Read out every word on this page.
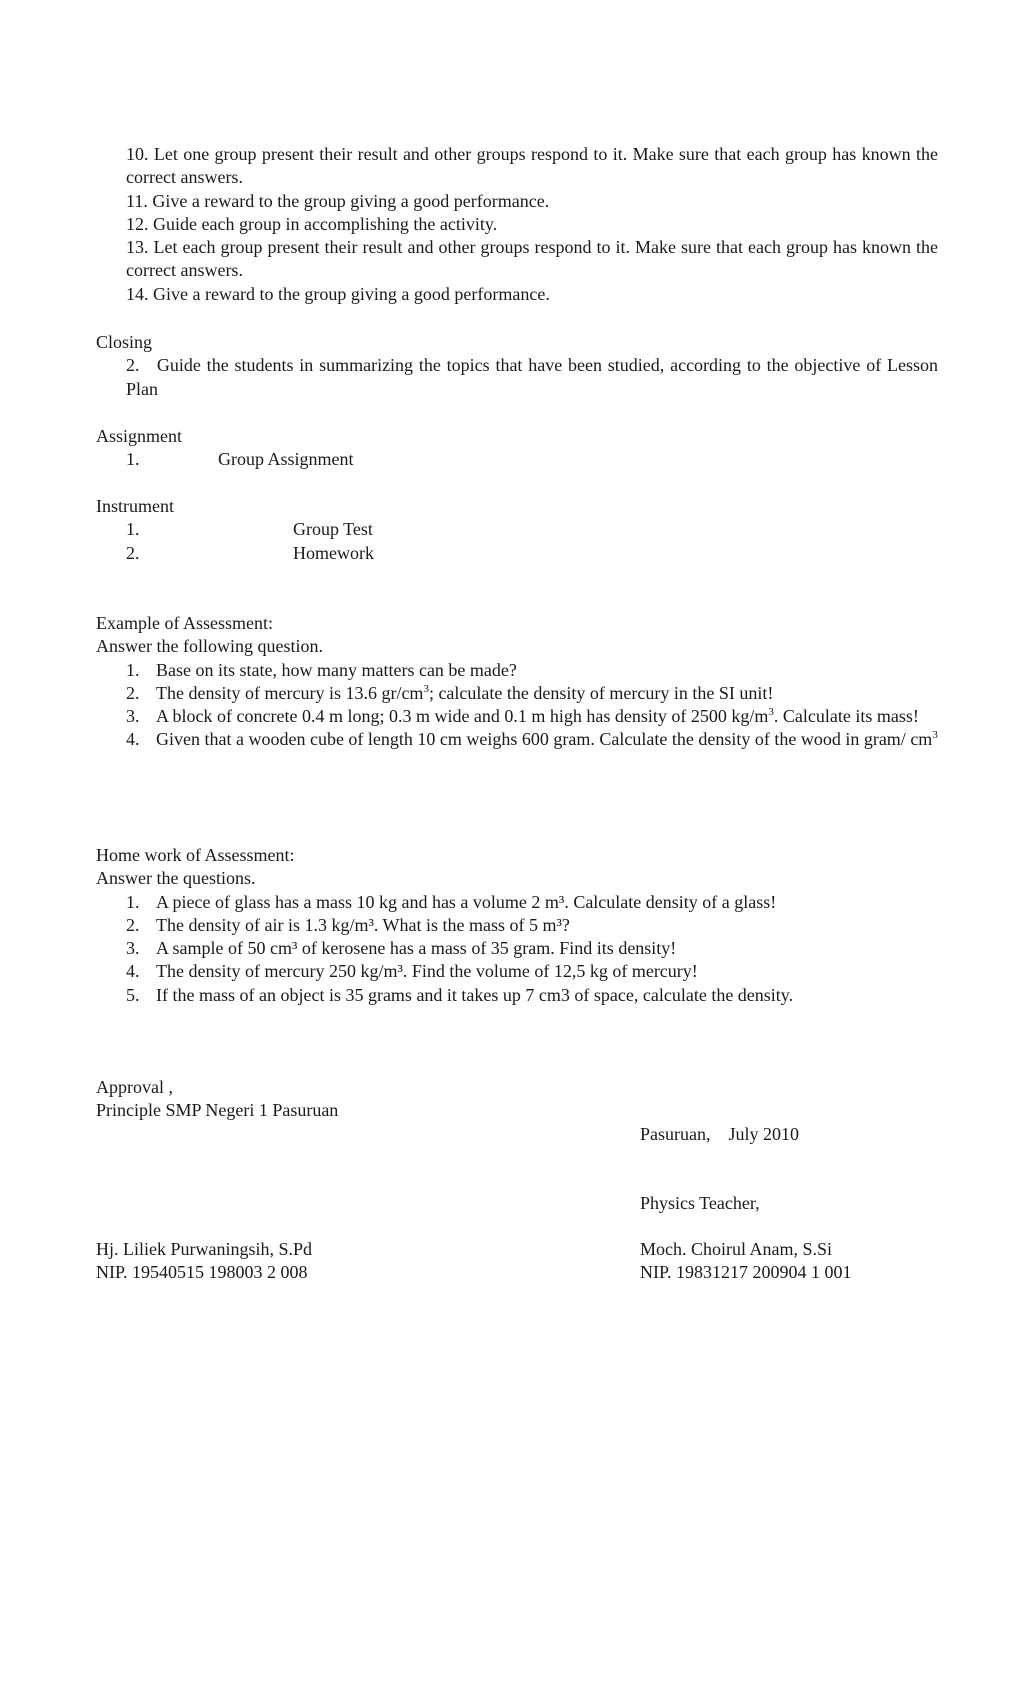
10. Let one group present their result and other groups respond to it. Make sure that each group has known the correct answers.
11. Give a reward to the group giving a good performance.
12. Guide each group in accomplishing the activity.
13. Let each group present their result and other groups respond to it. Make sure that each group has known the correct answers.
14. Give a reward to the group giving a good performance.
Closing
2.   Guide the students in summarizing the topics that have been studied, according to the objective of Lesson Plan
Assignment
1.	Group Assignment
Instrument
1.	Group Test
2.	Homework
Example of Assessment:
Answer the following question.
1. Base on its state, how many matters can be made?
2. The density of mercury is 13.6 $gr/cm^3$; calculate the density of mercury in the SI unit!
3. A block of concrete 0.4 m long; 0.3 m wide and 0.1 m high has density of 2500 $kg/m^3$. Calculate its mass!
4. Given that a wooden cube of length 10 cm weighs 600 gram. Calculate the density of the wood in gram/ $cm^3$
Home work of Assessment:
Answer the questions.
1. A piece of glass has a mass 10 kg and has a volume 2 m³. Calculate density of a glass!
2. The density of air is 1.3 kg/m³. What is the mass of 5 m³?
3. A sample of 50 cm³ of kerosene has a mass of 35 gram. Find its density!
4. The density of mercury 250 kg/m³. Find the volume of 12,5 kg of mercury!
5. If the mass of an object is 35 grams and it takes up 7 cm3 of space, calculate the density.
Approval ,
Principle SMP Negeri 1 Pasuruan

Pasuruan,    July 2010

Physics Teacher,

Hj. Liliek Purwaningsih, S.Pd
NIP. 19540515 198003 2 008
Moch. Choirul Anam, S.Si
NIP. 19831217 200904 1 001
